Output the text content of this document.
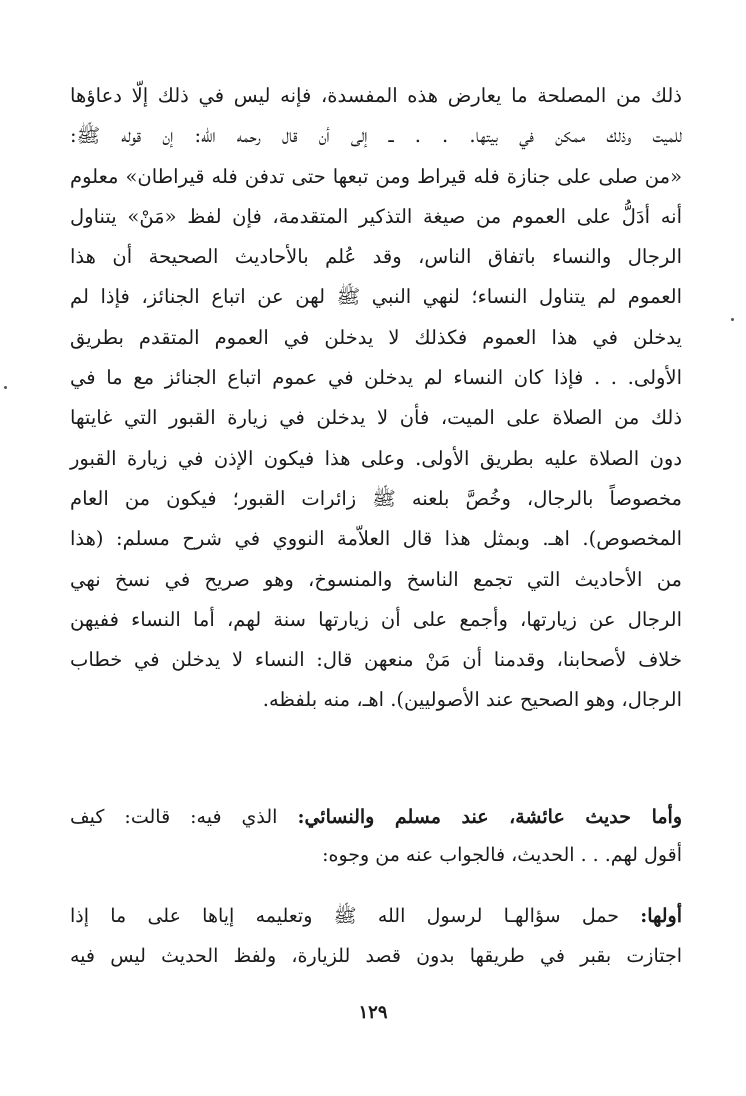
ذلك من المصلحة ما يعارض هذه المفسدة، فإنه ليس في ذلك إلّا دعاؤها
للميت وذلك ممكن في بيتها. . . ــ إلى أن قال رحمه الله: إن قوله ﷺ:
«من صلى على جنازة فله قيراط ومن تبعها حتى تدفن فله قيراطان» معلوم
أنه أدَلُّ على العموم من صيغة التذكير المتقدمة، فإن لفظ «مَنْ» يتناول
الرجال والنساء باتفاق الناس، وقد عُلم بالأحاديث الصحيحة أن هذا
العموم لم يتناول النساء؛ لنهي النبي ﷺ لهن عن اتباع الجنائز، فإذا لم
يدخلن في هذا العموم فكذلك لا يدخلن في العموم المتقدم بطريق
الأولى. . . فإذا كان النساء لم يدخلن في عموم اتباع الجنائز مع ما في
ذلك من الصلاة على الميت، فأن لا يدخلن في زيارة القبور التي غايتها
دون الصلاة عليه بطريق الأولى. وعلى هذا فيكون الإذن في زيارة القبور
مخصوصاً بالرجال، وخُصَّ بلعنه ﷺ زائرات القبور؛ فيكون من العام
المخصوص). اهـ. وبمثل هذا قال العلاّمة النووي في شرح مسلم: (هذا
من الأحاديث التي تجمع الناسخ والمنسوخ، وهو صريح في نسخ نهي
الرجال عن زيارتها، وأجمع على أن زيارتها سنة لهم، أما النساء ففيهن
خلاف لأصحابنا، وقدمنا أن مَنْ منعهن قال: النساء لا يدخلن في خطاب
الرجال، وهو الصحيح عند الأصوليين). اهـ، منه بلفظه.
وأما حديث عائشة، عند مسلم والنسائي: الذي فيه: قالت: كيف
أقول لهم. . . الحديث، فالجواب عنه من وجوه:
أولها: حمل سؤالهـا لرسول الله ﷺ وتعليمه إياها على ما إذا
اجتازت بقبر في طريقها بدون قصد للزيارة، ولفظ الحديث ليس فيه
١٢٩
